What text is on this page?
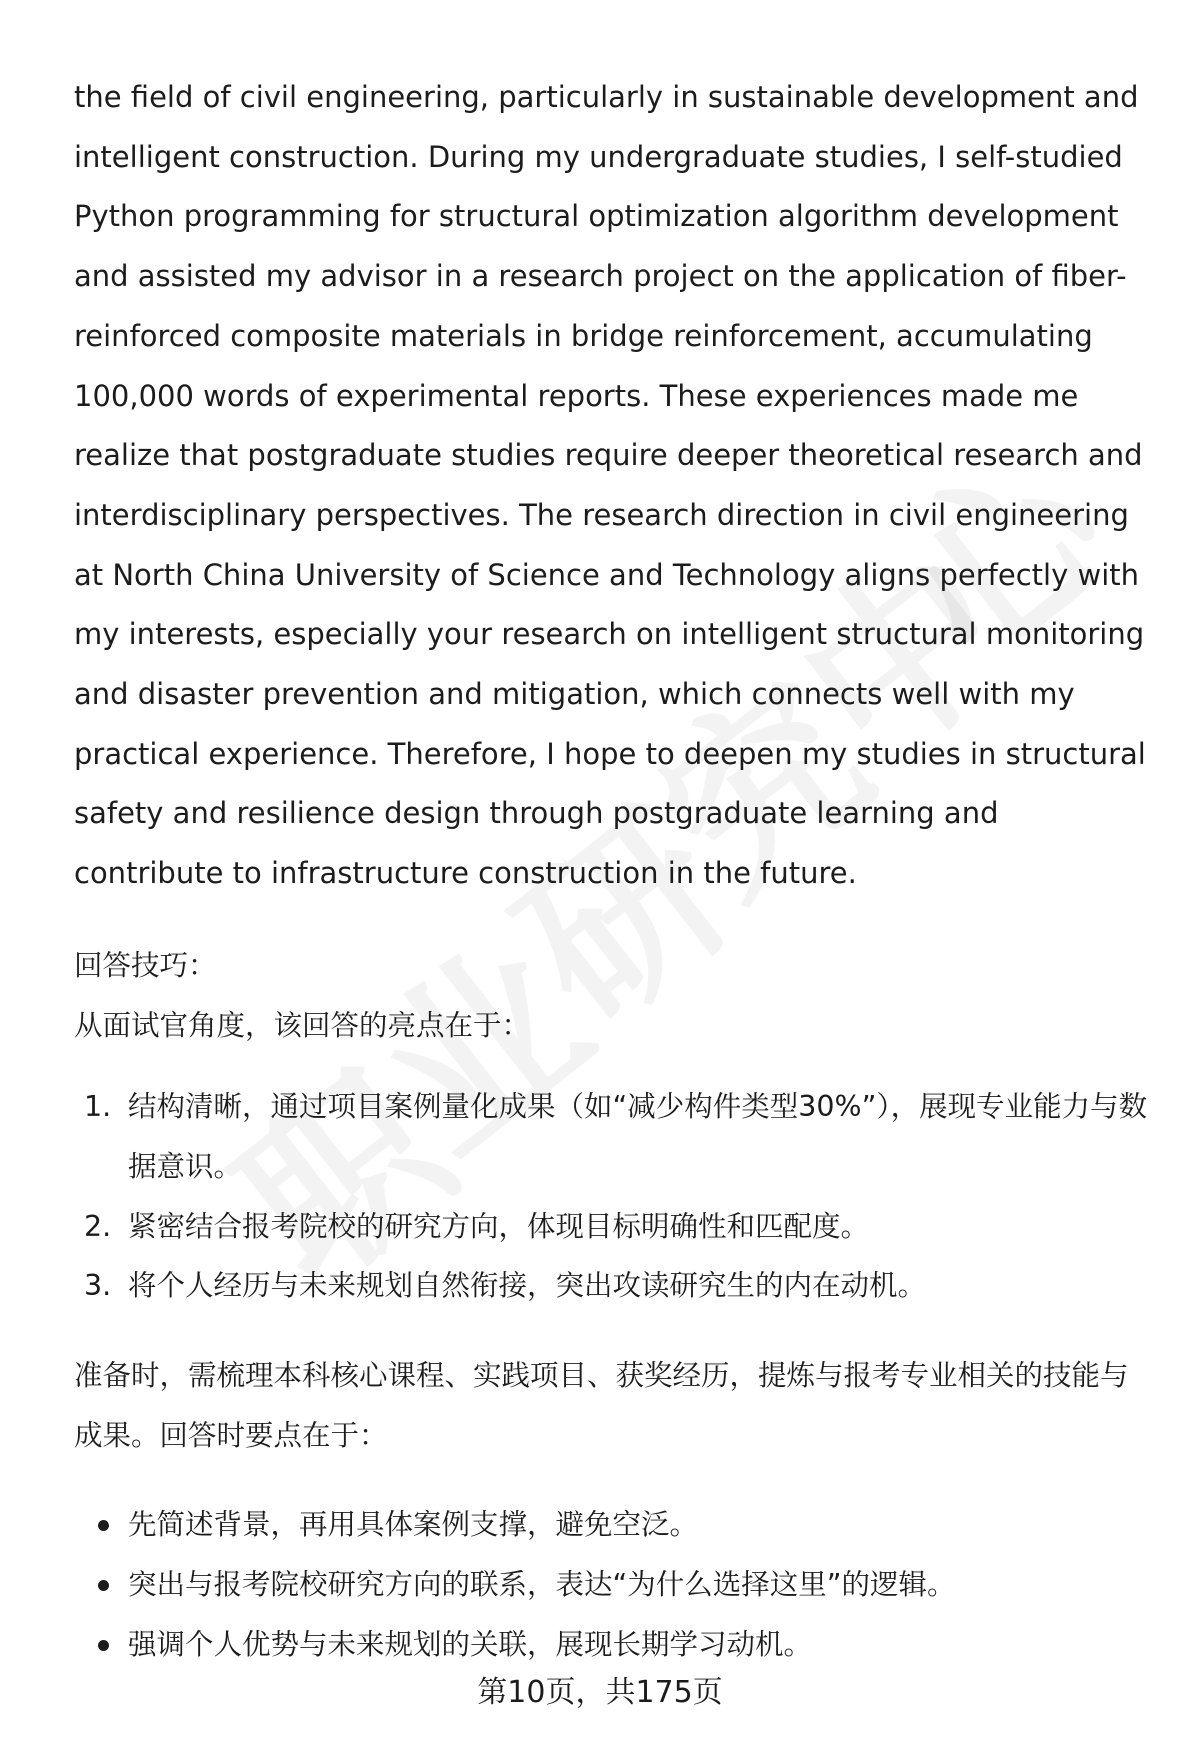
the field of civil engineering, particularly in sustainable development and intelligent construction. During my undergraduate studies, I self-studied Python programming for structural optimization algorithm development and assisted my advisor in a research project on the application of fiber-reinforced composite materials in bridge reinforcement, accumulating 100,000 words of experimental reports. These experiences made me realize that postgraduate studies require deeper theoretical research and interdisciplinary perspectives. The research direction in civil engineering at North China University of Science and Technology aligns perfectly with my interests, especially your research on intelligent structural monitoring and disaster prevention and mitigation, which connects well with my practical experience. Therefore, I hope to deepen my studies in structural safety and resilience design through postgraduate learning and contribute to infrastructure construction in the future.

回答技巧：

从面试官角度，该回答的亮点在于：

1. 结构清晰，通过项目案例量化成果（如“减少构件类型30%”），展现专业能力与数据意识。
2. 紧密结合报考院校的研究方向，体现目标明确性和匹配度。
3. 将个人经历与未来规划自然衔接，突出攻读研究生的内在动机。

准备时，需梳理本科核心课程、实践项目、获奖经历，提炼与报考专业相关的技能与成果。回答时要点在于：

先简述背景，再用具体案例支撑，避免空泛。
突出与报考院校研究方向的联系，表达“为什么选择这里”的逻辑。
强调个人优势与未来规划的关联，展现长期学习动机。
第10页，共175页
